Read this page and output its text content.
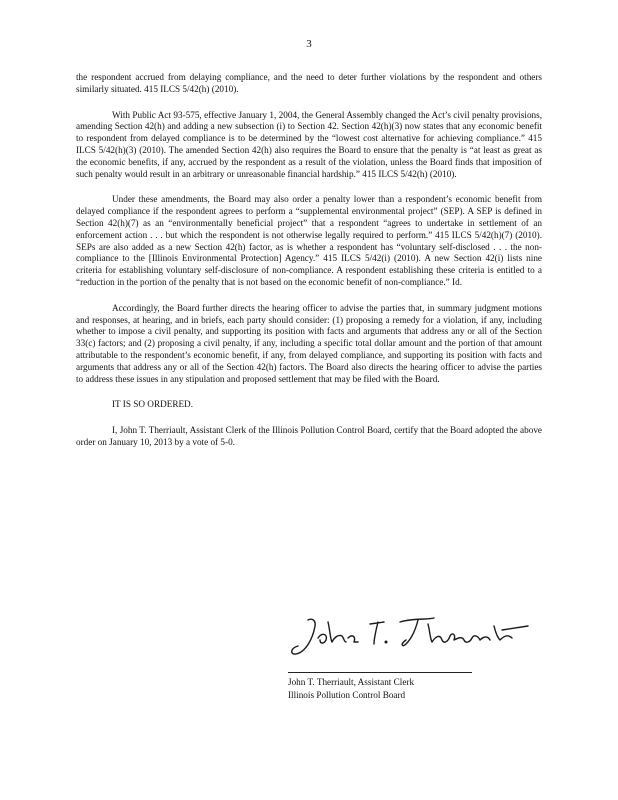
3

the respondent accrued from delaying compliance, and the need to deter further violations by the respondent and others similarly situated. 415 ILCS 5/42(h) (2010).

With Public Act 93-575, effective January 1, 2004, the General Assembly changed the Act’s civil penalty provisions, amending Section 42(h) and adding a new subsection (i) to Section 42. Section 42(h)(3) now states that any economic benefit to respondent from delayed compliance is to be determined by the “lowest cost alternative for achieving compliance.” 415 ILCS 5/42(h)(3) (2010). The amended Section 42(h) also requires the Board to ensure that the penalty is “at least as great as the economic benefits, if any, accrued by the respondent as a result of the violation, unless the Board finds that imposition of such penalty would result in an arbitrary or unreasonable financial hardship.” 415 ILCS 5/42(h) (2010).

Under these amendments, the Board may also order a penalty lower than a respondent’s economic benefit from delayed compliance if the respondent agrees to perform a “supplemental environmental project” (SEP). A SEP is defined in Section 42(h)(7) as an “environmentally beneficial project” that a respondent “agrees to undertake in settlement of an enforcement action . . . but which the respondent is not otherwise legally required to perform.” 415 ILCS 5/42(h)(7) (2010). SEPs are also added as a new Section 42(h) factor, as is whether a respondent has “voluntary self-disclosed . . . the non-compliance to the [Illinois Environmental Protection] Agency.” 415 ILCS 5/42(i) (2010). A new Section 42(i) lists nine criteria for establishing voluntary self-disclosure of non-compliance. A respondent establishing these criteria is entitled to a “reduction in the portion of the penalty that is not based on the economic benefit of non-compliance.” Id.

Accordingly, the Board further directs the hearing officer to advise the parties that, in summary judgment motions and responses, at hearing, and in briefs, each party should consider: (1) proposing a remedy for a violation, if any, including whether to impose a civil penalty, and supporting its position with facts and arguments that address any or all of the Section 33(c) factors; and (2) proposing a civil penalty, if any, including a specific total dollar amount and the portion of that amount attributable to the respondent’s economic benefit, if any, from delayed compliance, and supporting its position with facts and arguments that address any or all of the Section 42(h) factors. The Board also directs the hearing officer to advise the parties to address these issues in any stipulation and proposed settlement that may be filed with the Board.

IT IS SO ORDERED.

I, John T. Therriault, Assistant Clerk of the Illinois Pollution Control Board, certify that the Board adopted the above order on January 10, 2013 by a vote of 5-0.

John T. Therriault, Assistant Clerk
Illinois Pollution Control Board
